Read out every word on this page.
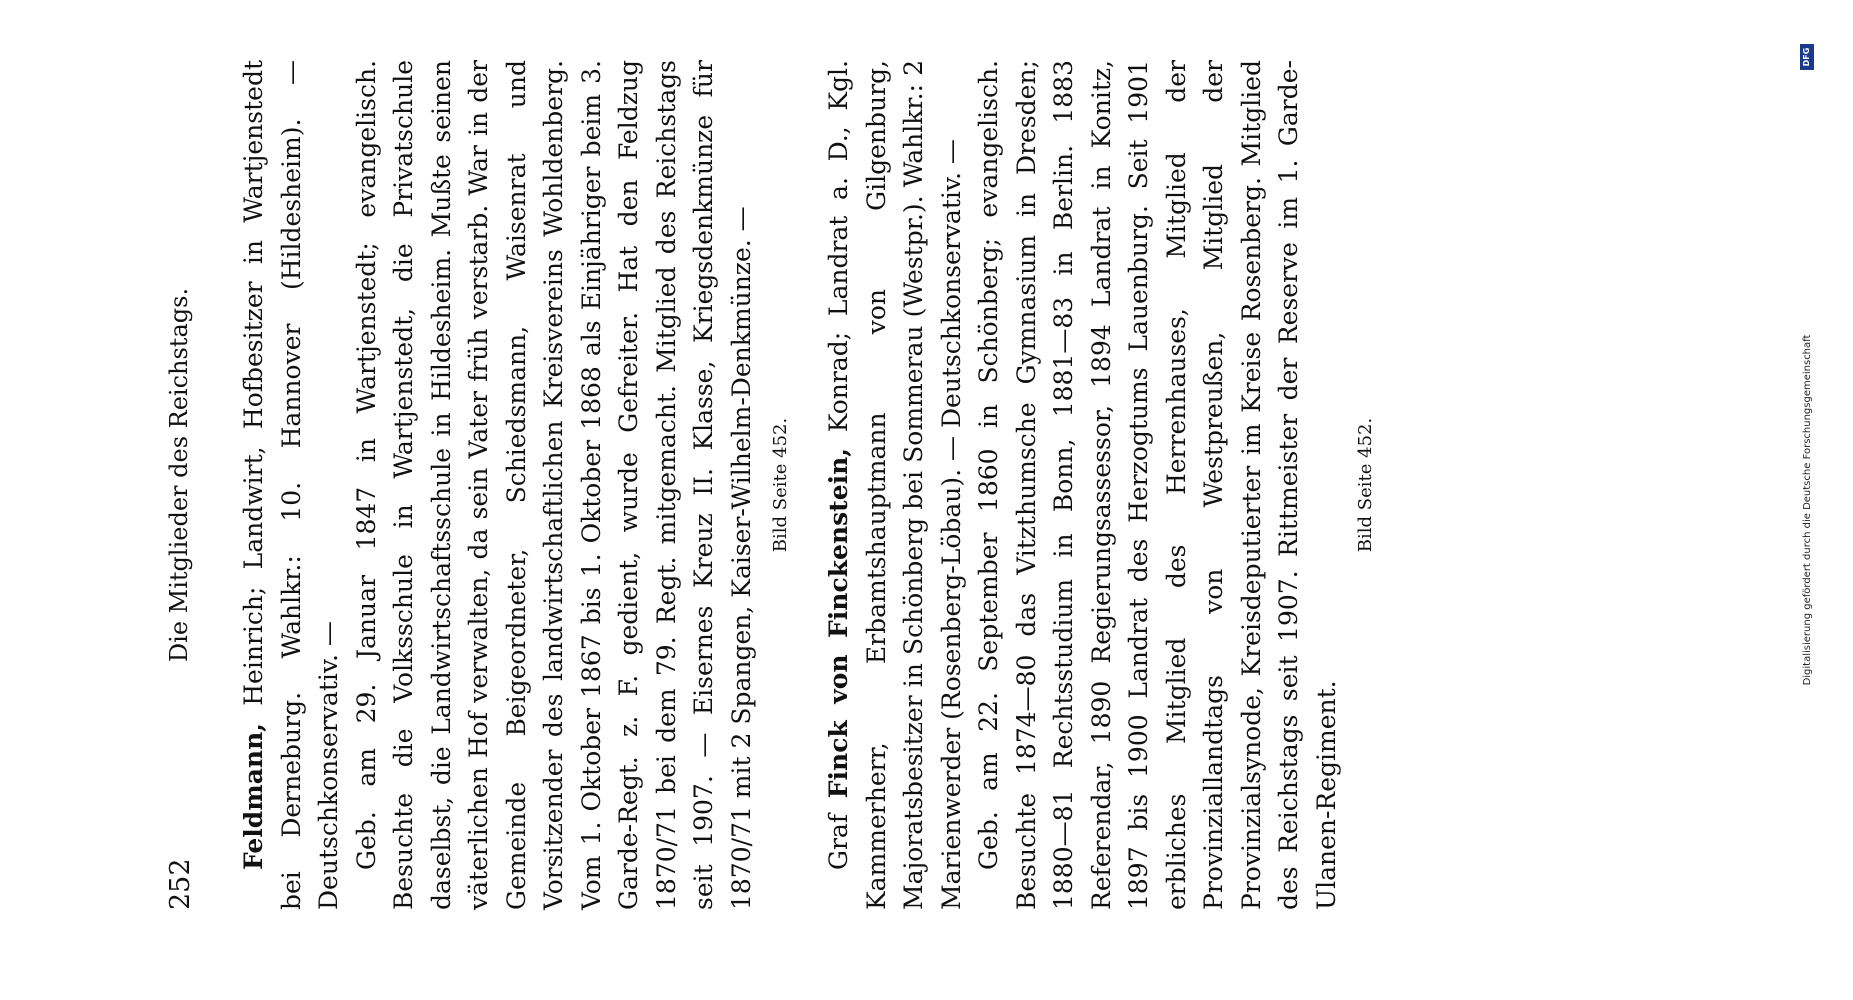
252
Die Mitglieder des Reichstags.

Feldmann, Heinrich; Landwirt, Hofbesitzer in Wartjenstedt bei Derneburg. Wahlkr.: 10. Hannover (Hildesheim). — Deutschkonservativ. — Geb. am 29. Januar 1847 in Wartjenstedt; evangelisch. Besuchte die Volksschule in Wartjenstedt, die Privatschule daselbst, die Landwirtschaftsschule in Hildesheim. Mußte seinen väterlichen Hof verwalten, da sein Vater früh verstarb. War in der Gemeinde Beigeordneter, Schiedsmann, Waisenrat und Vorsitzender des landwirtschaftlichen Kreisvereins Wohldenberg. Vom 1. Oktober 1867 bis 1. Oktober 1868 als Einjähriger beim 3. Garde-Regt. z. F. gedient, wurde Gefreiter. Hat den Feldzug 1870/71 bei dem 79. Regt. mitgemacht. Mitglied des Reichstags seit 1907. — Eisernes Kreuz II. Klasse, Kriegsdenkmünze für 1870/71 mit 2 Spangen, Kaiser-Wilhelm-Denkmünze. — Bild Seite 452.

Graf Finck von Finckenstein, Konrad; Landrat a. D., Kgl. Kammerherr, Erbamtshauptmann von Gilgenburg, Majoratsbesitzer in Schönberg bei Sommerau (Westpr.). Wahlkr.: 2 Marienwerder (Rosenberg-Löbau). — Deutschkonservativ. — Geb. am 22. September 1860 in Schönberg; evangelisch. Besuchte 1874—80 das Vitzthumsche Gymnasium in Dresden; 1880—81 Rechtsstudium in Bonn, 1881—83 in Berlin. 1883 Referendar, 1890 Regierungsassessor, 1894 Landrat in Konitz, 1897 bis 1900 Landrat des Herzogtums Lauenburg. Seit 1901 erbliches Mitglied des Herrenhauses, Mitglied der Provinziallandtags von Westpreußen, Mitglied der Provinzialsynode, Kreisdeputierter im Kreise Rosenberg. Mitglied des Reichstags seit 1907. Rittmeister der Reserve im 1. Garde-Ulanen-Regiment.

Bild Seite 452.	Digitalisierung gefördert durch die Deutsche Forschungsgemeinschaft
DFG
